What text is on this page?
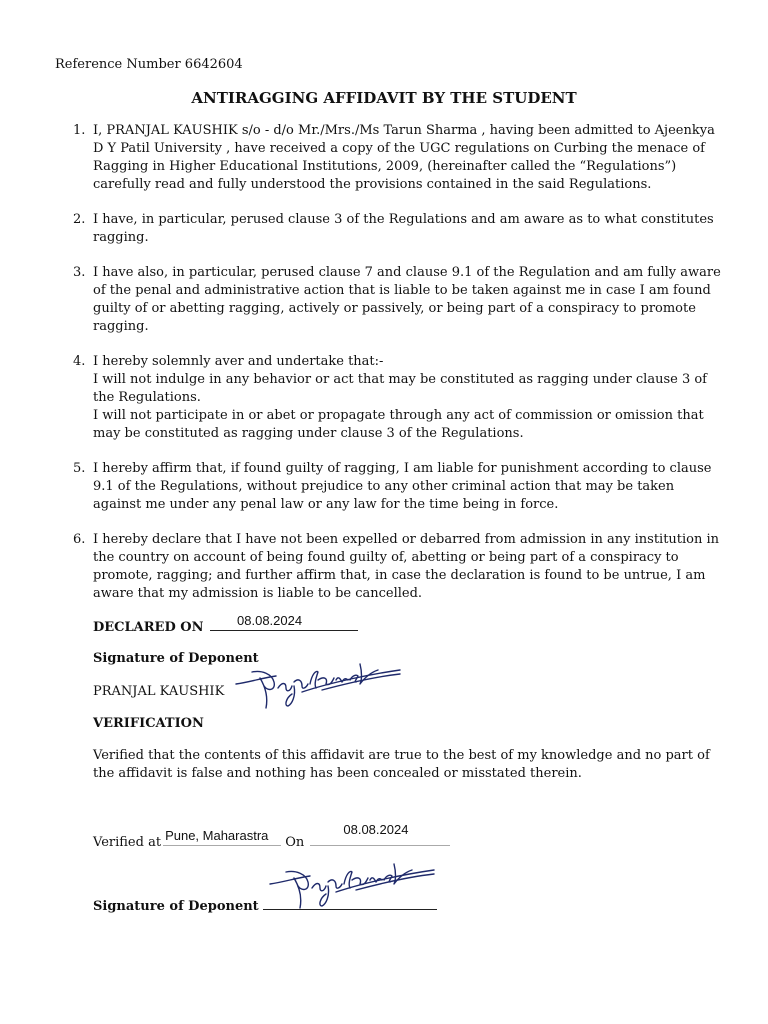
Reference Number 6642604
ANTIRAGGING AFFIDAVIT BY THE STUDENT
1. I, PRANJAL KAUSHIK s/o - d/o Mr./Mrs./Ms Tarun Sharma , having been admitted to Ajeenkya
D Y Patil University , have received a copy of the UGC regulations on Curbing the menace of
Ragging in Higher Educational Institutions, 2009, (hereinafter called the “Regulations”)
carefully read and fully understood the provisions contained in the said Regulations.
2. I have, in particular, perused clause 3 of the Regulations and am aware as to what constitutes
ragging.
3. I have also, in particular, perused clause 7 and clause 9.1 of the Regulation and am fully aware
of the penal and administrative action that is liable to be taken against me in case I am found
guilty of or abetting ragging, actively or passively, or being part of a conspiracy to promote
ragging.
4. I hereby solemnly aver and undertake that:-
I will not indulge in any behavior or act that may be constituted as ragging under clause 3 of
the Regulations.
I will not participate in or abet or propagate through any act of commission or omission that
may be constituted as ragging under clause 3 of the Regulations.
5. I hereby affirm that, if found guilty of ragging, I am liable for punishment according to clause
9.1 of the Regulations, without prejudice to any other criminal action that may be taken
against me under any penal law or any law for the time being in force.
6. I hereby declare that I have not been expelled or debarred from admission in any institution in
the country on account of being found guilty of, abetting or being part of a conspiracy to
promote, ragging; and further affirm that, in case the declaration is found to be untrue, I am
aware that my admission is liable to be cancelled.
DECLARED ON	08.08.2024
Signature of Deponent
PRANJAL KAUSHIK
VERIFICATION
Verified that the contents of this affidavit are true to the best of my knowledge and no part of
the affidavit is false and nothing has been concealed or misstated therein.
Verified at Pune, Maharastra On
08.08.2024
Signature of Deponent
